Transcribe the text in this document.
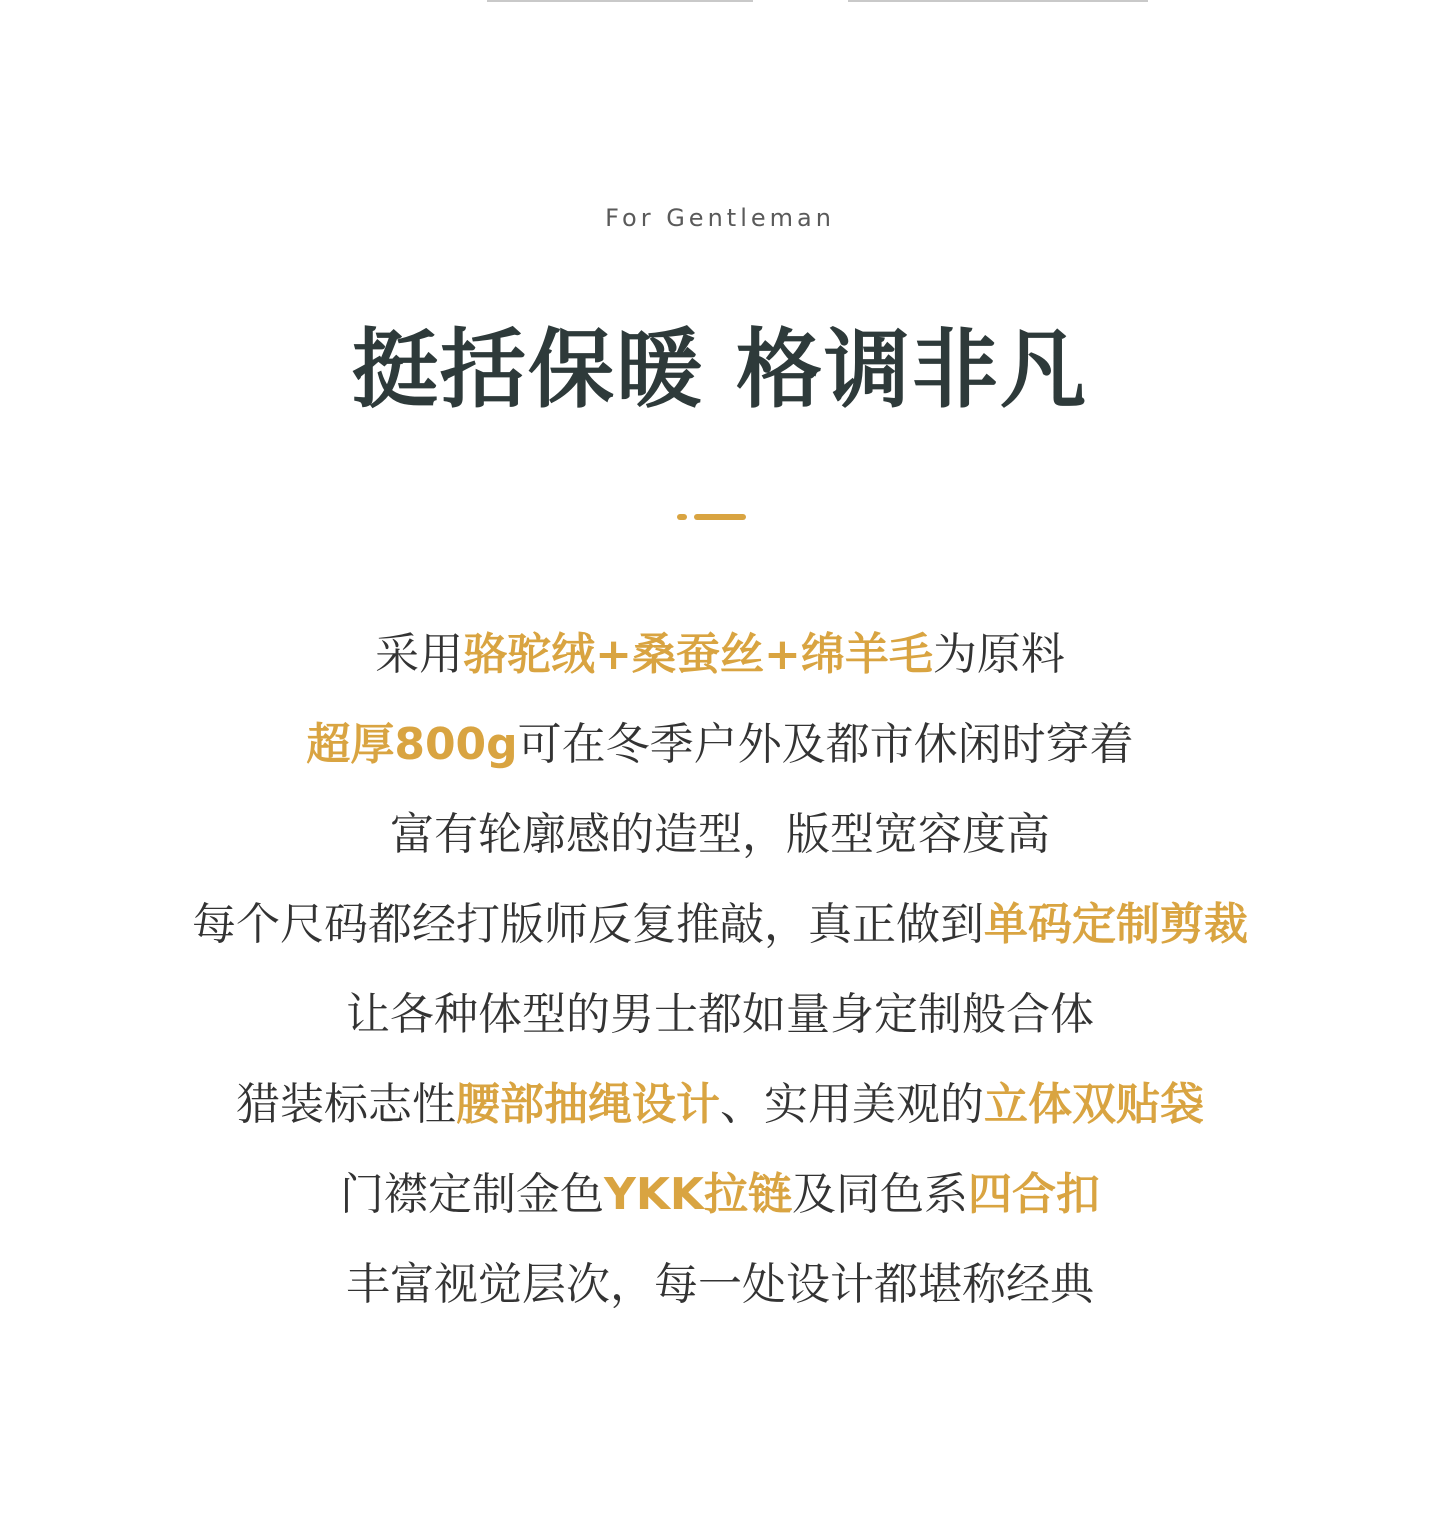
For Gentleman
挺括保暖 格调非凡
采用骆驼绒+桑蚕丝+绵羊毛为原料
超厚800g可在冬季户外及都市休闲时穿着
富有轮廓感的造型，版型宽容度高
每个尺码都经打版师反复推敲，真正做到单码定制剪裁
让各种体型的男士都如量身定制般合体
猎装标志性腰部抽绳设计、实用美观的立体双贴袋
门襟定制金色YKK拉链及同色系四合扣
丰富视觉层次，每一处设计都堪称经典
